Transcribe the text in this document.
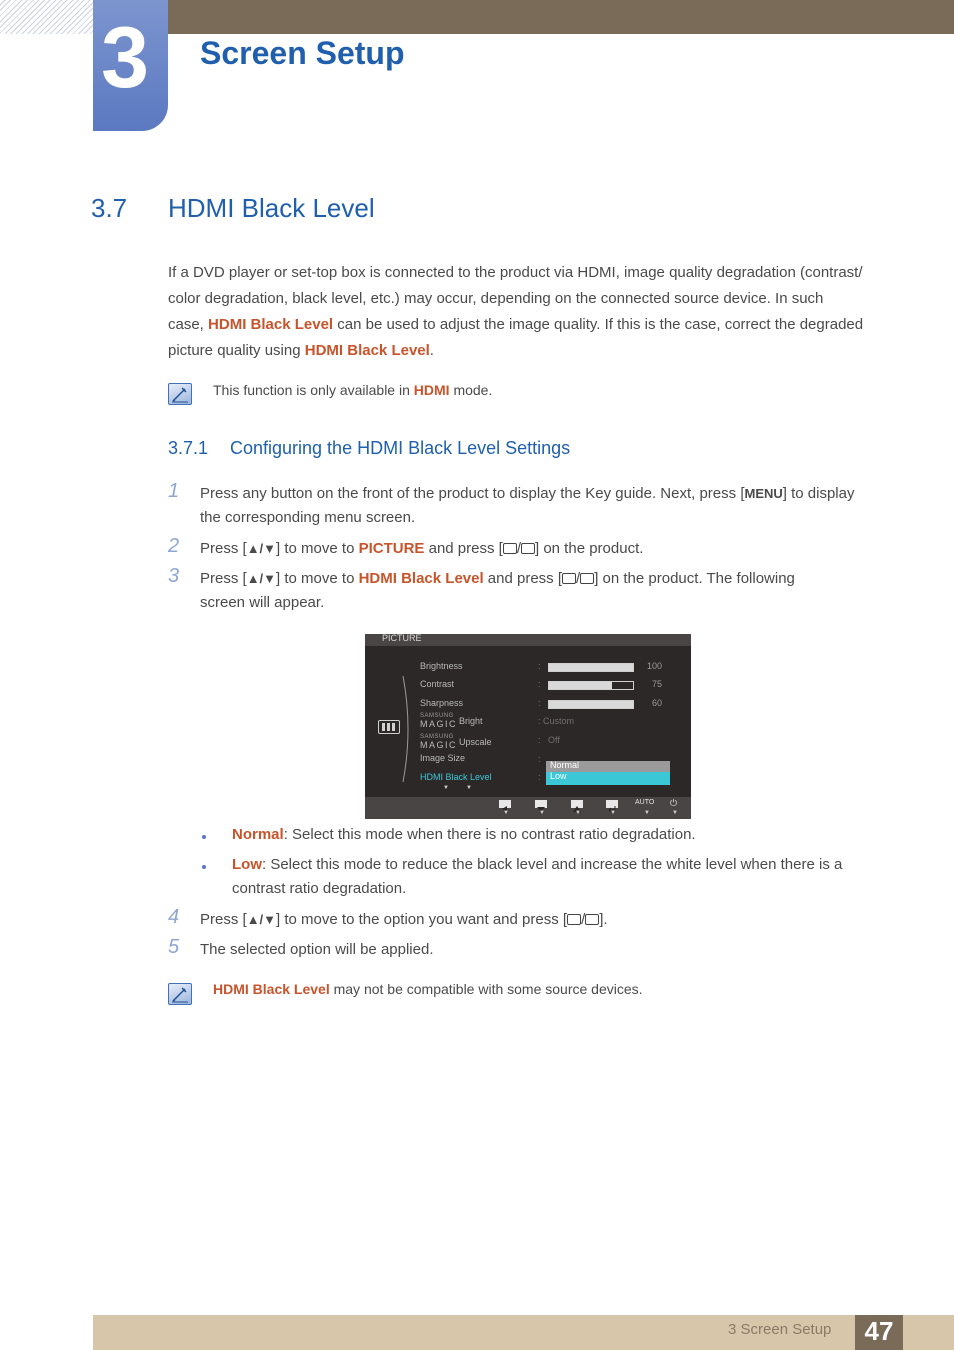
3 Screen Setup
3.7 HDMI Black Level

If a DVD player or set-top box is connected to the product via HDMI, image quality degradation (contrast/

color degradation, black level, etc.) may occur, depending on the connected source device. In such

case, HDMI Black Level can be used to adjust the image quality. If this is the case, correct the degraded

picture quality using HDMI Black Level.

This function is only available in HDMI mode.
3.7.1 Configuring the HDMI Black Level Settings
1 Press any button on the front of the product to display the Key guide. Next, press [MENU] to display

the corresponding menu screen.

2 Press [▲/▼] to move to PICTURE and press [ / ] on the product.
3 Press [▲/▼] to move to HDMI Black Level and press [ / ] on the product. The following

screen will appear.

PICTURE
Brightness	:	100
Contrast	:	75
Sharpness	:	60
SAMSUNG
MAGIC Bright	: Custom
SAMSUNG
MAGIC Upscale	: Off
Image Size	:
HDMI Black Level	:
Normal
Low
▼	▼
▼	▼	▼	▼
AUTO
▼
⏻
▼
Normal: Select this mode when there is no contrast ratio degradation.

Low: Select this mode to reduce the black level and increase the white level when there is a

contrast ratio degradation.

4 Press [▲/▼] to move to the option you want and press [ / ].
5 The selected option will be applied.
HDMI Black Level may not be compatible with some source devices.
3 Screen Setup	47
